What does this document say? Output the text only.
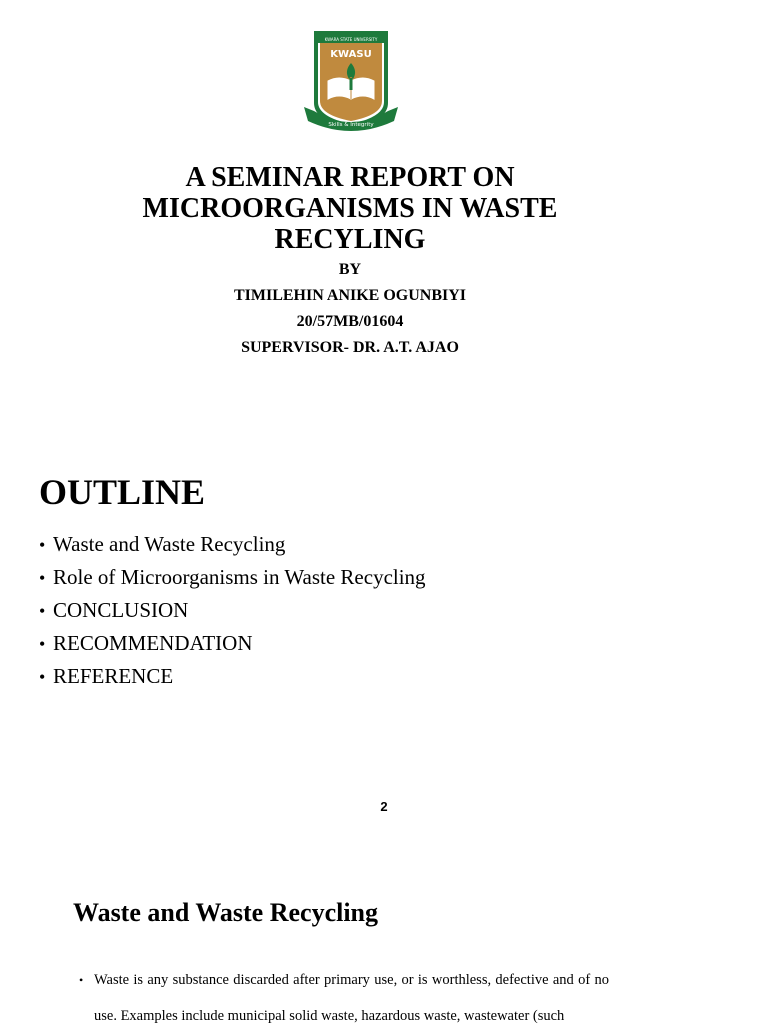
KWARA STATE UNIVERSITY
KWASU
Skills & Integrity
A SEMINAR REPORT ON MICROORGANISMS IN WASTE RECYLING
BY
TIMILEHIN ANIKE OGUNBIYI
20/57MB/01604
SUPERVISOR- DR. A.T. AJAO
OUTLINE
• Waste and Waste Recycling
• Role of Microorganisms in Waste Recycling
• CONCLUSION
• RECOMMENDATION
• REFERENCE
2
Waste and Waste Recycling
• Waste is any substance discarded after primary use, or is worthless, defective and of no use. Examples include municipal solid waste, hazardous waste, wastewater (such
